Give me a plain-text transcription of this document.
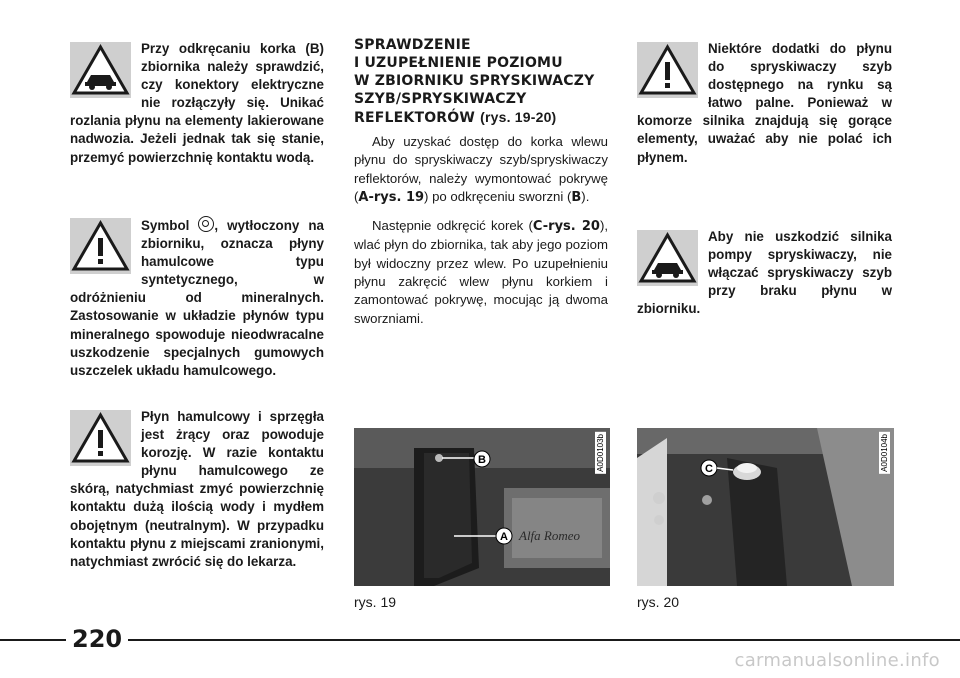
Przy odkręcaniu korka (B) zbiornika należy sprawdzić, czy konektory elektryczne nie rozłączyły się. Unikać rozlania płynu na elementy lakierowane nadwozia. Jeżeli jednak tak się stanie, przemyć powierzchnię kontaktu wodą.

Symbol , wytłoczony na zbiorniku, oznacza płyny hamulcowe typu syntetycznego, w odróżnieniu od mineralnych. Zastosowanie w układzie płynów typu mineralnego spowoduje nieodwracalne uszkodzenie specjalnych gumowych uszczelek układu hamulcowego.

Płyn hamulcowy i sprzęgła jest żrący oraz powoduje korozję. W razie kontaktu płynu hamulcowego ze skórą, natychmiast zmyć powierzchnię kontaktu dużą ilością wody i mydłem obojętnym (neutralnym). W przypadku kontaktu płynu z miejscami zranionymi, natychmiast zwrócić się do lekarza.

SPRAWDZENIE
I UZUPEŁNIENIE POZIOMU
W ZBIORNIKU SPRYSKIWACZY
SZYB/SPRYSKIWACZY
REFLEKTORÓW (rys. 19-20)

Aby uzyskać dostęp do korka wlewu płynu do spryskiwaczy szyb/spryskiwaczy reflektorów, należy wymontować pokrywę (A-rys. 19) po odkręceniu sworzni (B).

Następnie odkręcić korek (C-rys. 20), wlać płyn do zbiornika, tak aby jego poziom był widoczny przez wlew. Po uzupełnieniu płynu zakręcić wlew płynu korkiem i zamontować pokrywę, mocując ją dwoma sworzniami.

Niektóre dodatki do płynu do spryskiwaczy szyb dostępnego na rynku są łatwo palne. Ponieważ w komorze silnika znajdują się gorące elementy, uważać aby nie polać ich płynem.

Aby nie uszkodzić silnika pompy spryskiwaczy, nie włączać spryskiwaczy szyb przy braku płynu w zbiorniku.

Alfa Romeo
B
A
A0D0103b
rys. 19
C	A0D0104b
rys. 20
220
carmanualsonline.info
